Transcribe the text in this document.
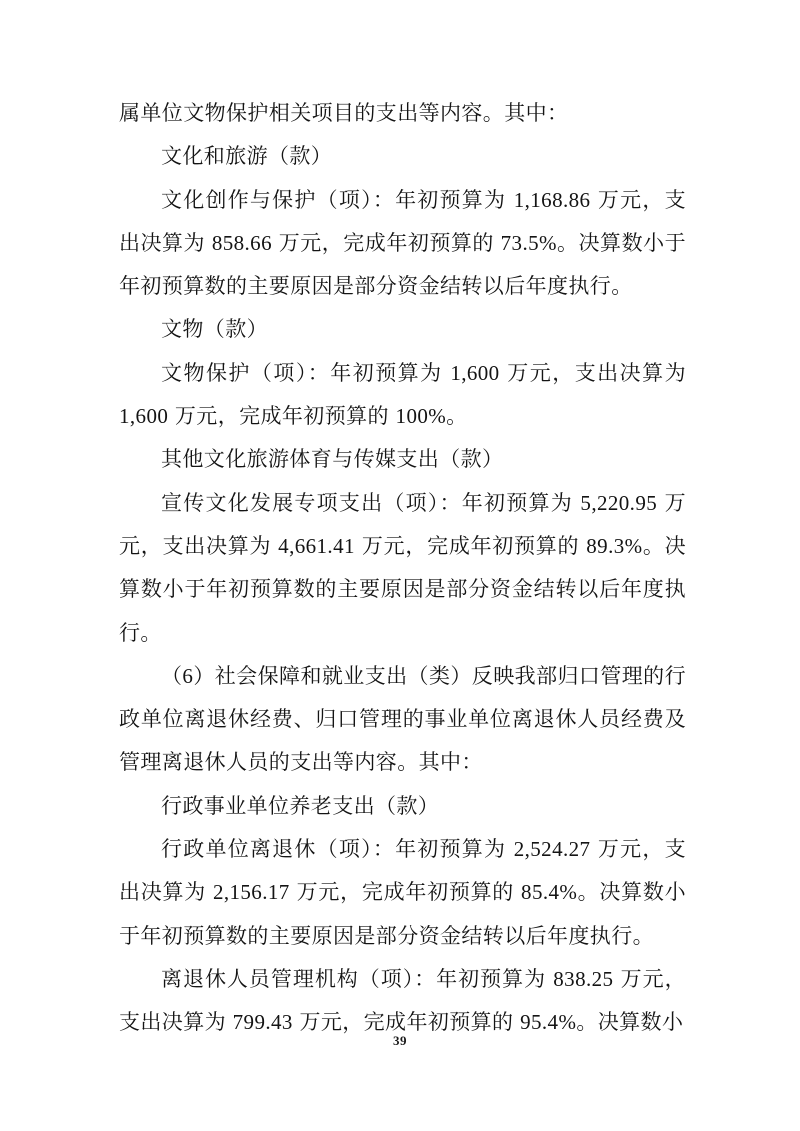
属单位文物保护相关项目的支出等内容。其中：

文化和旅游（款）

文化创作与保护（项）：年初预算为 1,168.86 万元，支出决算为 858.66 万元，完成年初预算的 73.5%。决算数小于年初预算数的主要原因是部分资金结转以后年度执行。

文物（款）

文物保护（项）：年初预算为 1,600 万元，支出决算为 1,600 万元，完成年初预算的 100%。

其他文化旅游体育与传媒支出（款）

宣传文化发展专项支出（项）：年初预算为 5,220.95 万元，支出决算为 4,661.41 万元，完成年初预算的 89.3%。决算数小于年初预算数的主要原因是部分资金结转以后年度执行。

（6）社会保障和就业支出（类）反映我部归口管理的行政单位离退休经费、归口管理的事业单位离退休人员经费及管理离退休人员的支出等内容。其中：

行政事业单位养老支出（款）

行政单位离退休（项）：年初预算为 2,524.27 万元，支出决算为 2,156.17 万元，完成年初预算的 85.4%。决算数小于年初预算数的主要原因是部分资金结转以后年度执行。

离退休人员管理机构（项）：年初预算为 838.25 万元，支出决算为 799.43 万元，完成年初预算的 95.4%。决算数小

39
